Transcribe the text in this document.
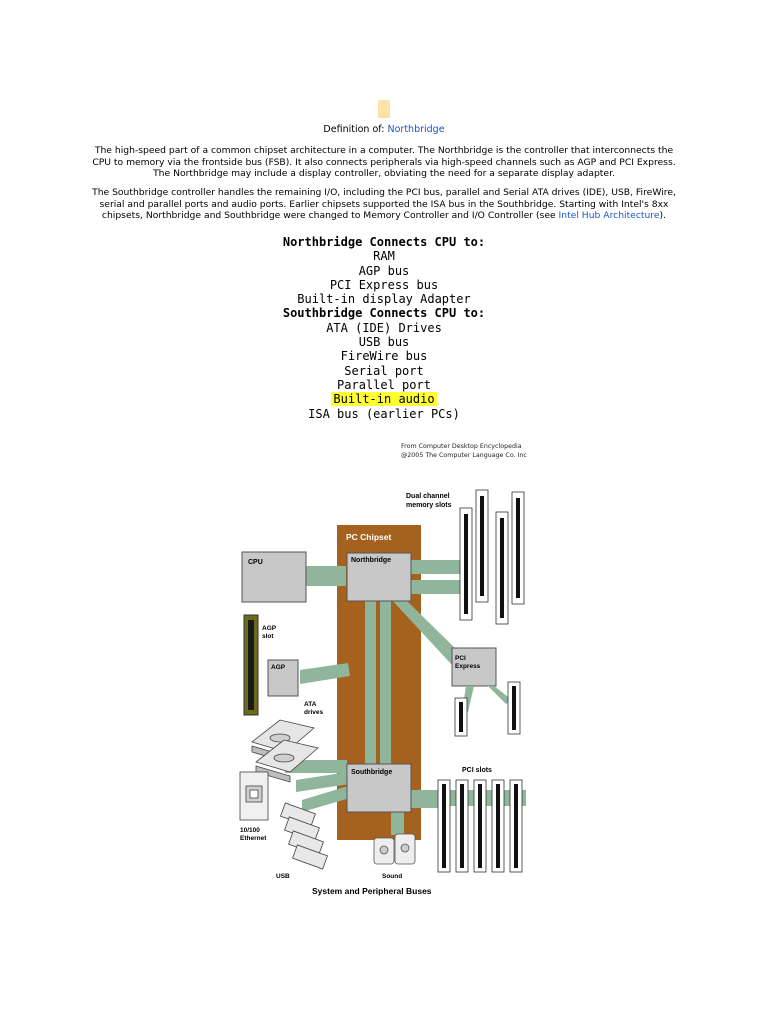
Definition of: Northbridge
The high-speed part of a common chipset architecture in a computer. The Northbridge is the controller that interconnects the CPU to memory via the frontside bus (FSB). It also connects peripherals via high-speed channels such as AGP and PCI Express. The Northbridge may include a display controller, obviating the need for a separate display adapter.
The Southbridge controller handles the remaining I/O, including the PCI bus, parallel and Serial ATA drives (IDE), USB, FireWire, serial and parallel ports and audio ports. Earlier chipsets supported the ISA bus in the Southbridge. Starting with Intel's 8xx chipsets, Northbridge and Southbridge were changed to Memory Controller and I/O Controller (see Intel Hub Architecture).
Northbridge Connects CPU to:
RAM
AGP bus
PCI Express bus
Built-in display Adapter
Southbridge Connects CPU to:
ATA (IDE) Drives
USB bus
FireWire bus
Serial port
Parallel port
Built-in audio
ISA bus (earlier PCs)
From Computer Desktop Encyclopedia
@2005 The Computer Language Co. Inc
PC Chipset
CPU	Northbridge
Southbridge
AGP
slot
AGP
ATA
drives
10/100
Ethernet
USB	Sound
Dual channel
memory slots
PCI
Express
PCI slots
System and Peripheral Buses
